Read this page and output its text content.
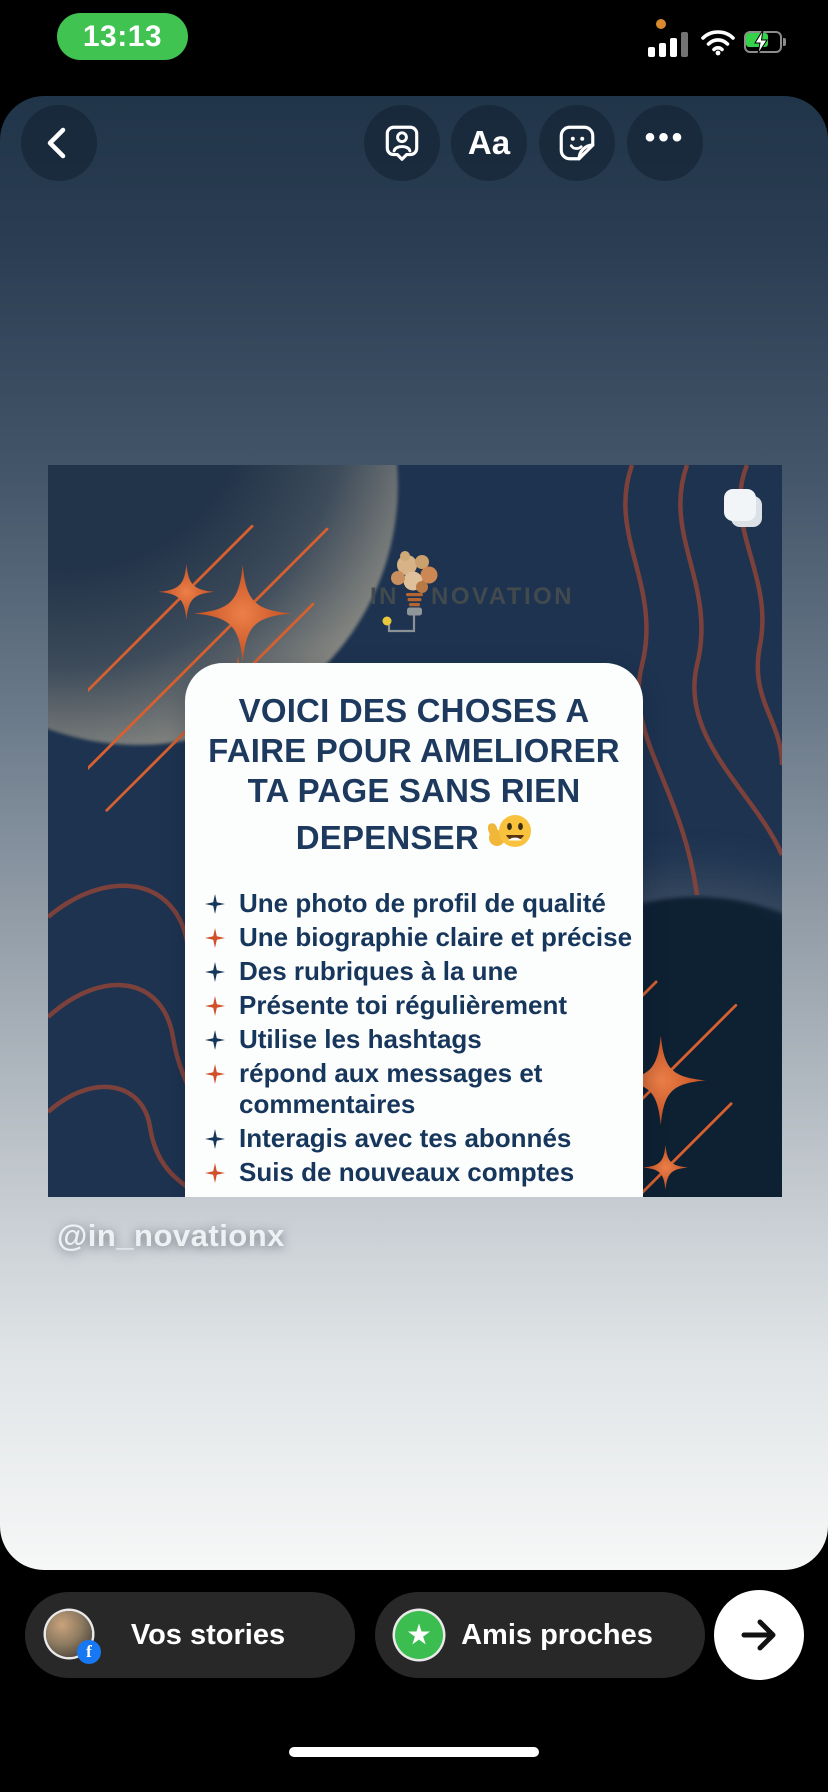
13:13
Aa	•••
IN NOVATION
VOICI DES CHOSES A
FAIRE POUR AMELIORER
TA PAGE SANS RIEN
DEPENSER
Une photo de profil de qualité
Une biographie claire et précise
Des rubriques à la une
Présente toi régulièrement
Utilise les hashtags
répond aux messages et commentaires
Interagis avec tes abonnés
Suis de nouveaux comptes
@in_novationx
f
Vos stories	Amis proches
